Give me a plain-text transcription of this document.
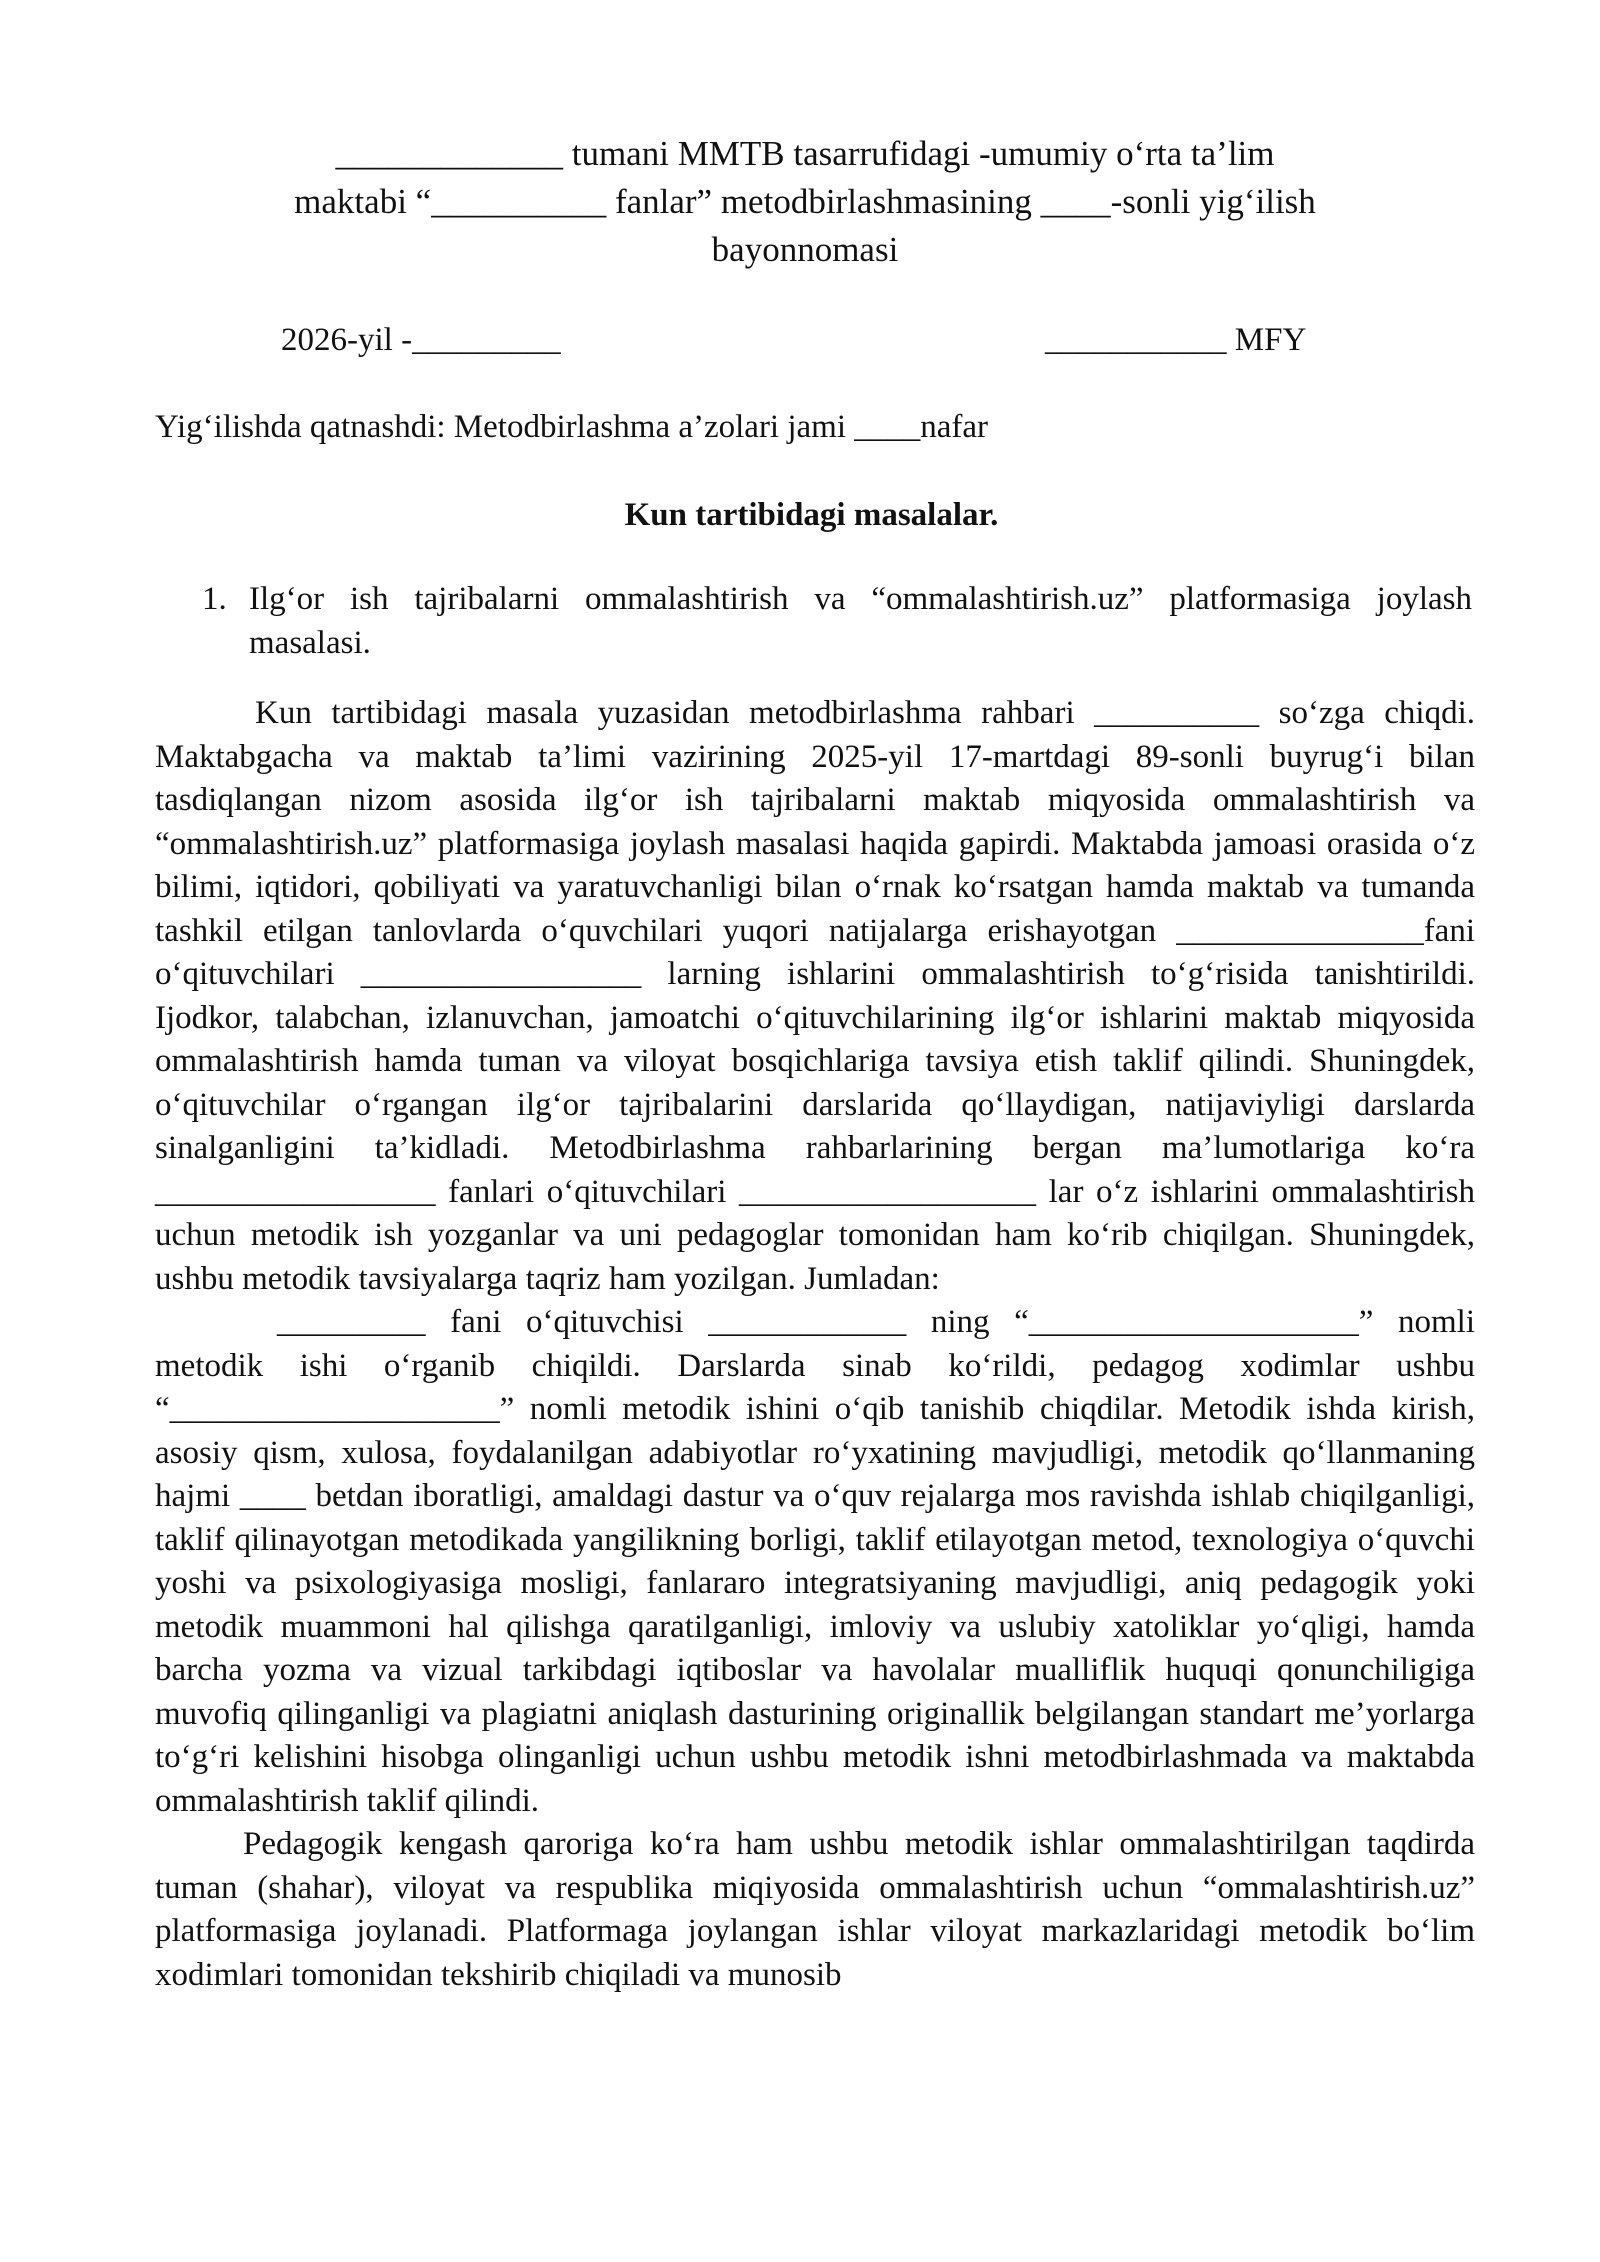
_____________ tumani MMTB tasarrufidagi -umumiy o‘rta ta’lim
maktabi “__________ fanlar” metodbirlashmasining ____-sonli yig‘ilish
bayonnomasi
2026-yil -_________	___________ MFY
Yig‘ilishda qatnashdi: Metodbirlashma a’zolari jami ____nafar
Kun tartibidagi masalalar.
1. Ilg‘or ish tajribalarni ommalashtirish va “ommalashtirish.uz” platformasiga joylash masalasi.

Kun tartibidagi masala yuzasidan metodbirlashma rahbari __________ so‘zga chiqdi. Maktabgacha va maktab ta’limi vazirining 2025-yil 17-martdagi 89-sonli buyrug‘i bilan tasdiqlangan nizom asosida ilg‘or ish tajribalarni maktab miqyosida ommalashtirish va “ommalashtirish.uz” platformasiga joylash masalasi haqida gapirdi. Maktabda jamoasi orasida o‘z bilimi, iqtidori, qobiliyati va yaratuvchanligi bilan o‘rnak ko‘rsatgan hamda maktab va tumanda tashkil etilgan tanlovlarda o‘quvchilari yuqori natijalarga erishayotgan _______________fani o‘qituvchilari _________________ larning ishlarini ommalashtirish to‘g‘risida tanishtirildi. Ijodkor, talabchan, izlanuvchan, jamoatchi o‘qituvchilarining ilg‘or ishlarini maktab miqyosida ommalashtirish hamda tuman va viloyat bosqichlariga tavsiya etish taklif qilindi. Shuningdek, o‘qituvchilar o‘rgangan ilg‘or tajribalarini darslarida qo‘llaydigan, natijaviyligi darslarda sinalganligini ta’kidladi. Metodbirlashma rahbarlarining bergan ma’lumotlariga ko‘ra _________________ fanlari o‘qituvchilari __________________ lar o‘z ishlarini ommalashtirish uchun metodik ish yozganlar va uni pedagoglar tomonidan ham ko‘rib chiqilgan. Shuningdek, ushbu metodik tavsiyalarga taqriz ham yozilgan. Jumladan:

_________ fani o‘qituvchisi ____________ ning “____________________” nomli metodik ishi o‘rganib chiqildi. Darslarda sinab ko‘rildi, pedagog xodimlar ushbu “____________________” nomli metodik ishini o‘qib tanishib chiqdilar. Metodik ishda kirish, asosiy qism, xulosa, foydalanilgan adabiyotlar ro‘yxatining mavjudligi, metodik qo‘llanmaning hajmi ____ betdan iboratligi, amaldagi dastur va o‘quv rejalarga mos ravishda ishlab chiqilganligi, taklif qilinayotgan metodikada yangilikning borligi, taklif etilayotgan metod, texnologiya o‘quvchi yoshi va psixologiyasiga mosligi, fanlararo integratsiyaning mavjudligi, aniq pedagogik yoki metodik muammoni hal qilishga qaratilganligi, imloviy va uslubiy xatoliklar yo‘qligi, hamda barcha yozma va vizual tarkibdagi iqtiboslar va havolalar mualliflik huquqi qonunchiligiga muvofiq qilinganligi va plagiatni aniqlash dasturining originallik belgilangan standart me’yorlarga to‘g‘ri kelishini hisobga olinganligi uchun ushbu metodik ishni metodbirlashmada va maktabda ommalashtirish taklif qilindi.

Pedagogik kengash qaroriga ko‘ra ham ushbu metodik ishlar ommalashtirilgan taqdirda tuman (shahar), viloyat va respublika miqiyosida ommalashtirish uchun “ommalashtirish.uz” platformasiga joylanadi. Platformaga joylangan ishlar viloyat markazlaridagi metodik bo‘lim xodimlari tomonidan tekshirib chiqiladi va munosib
